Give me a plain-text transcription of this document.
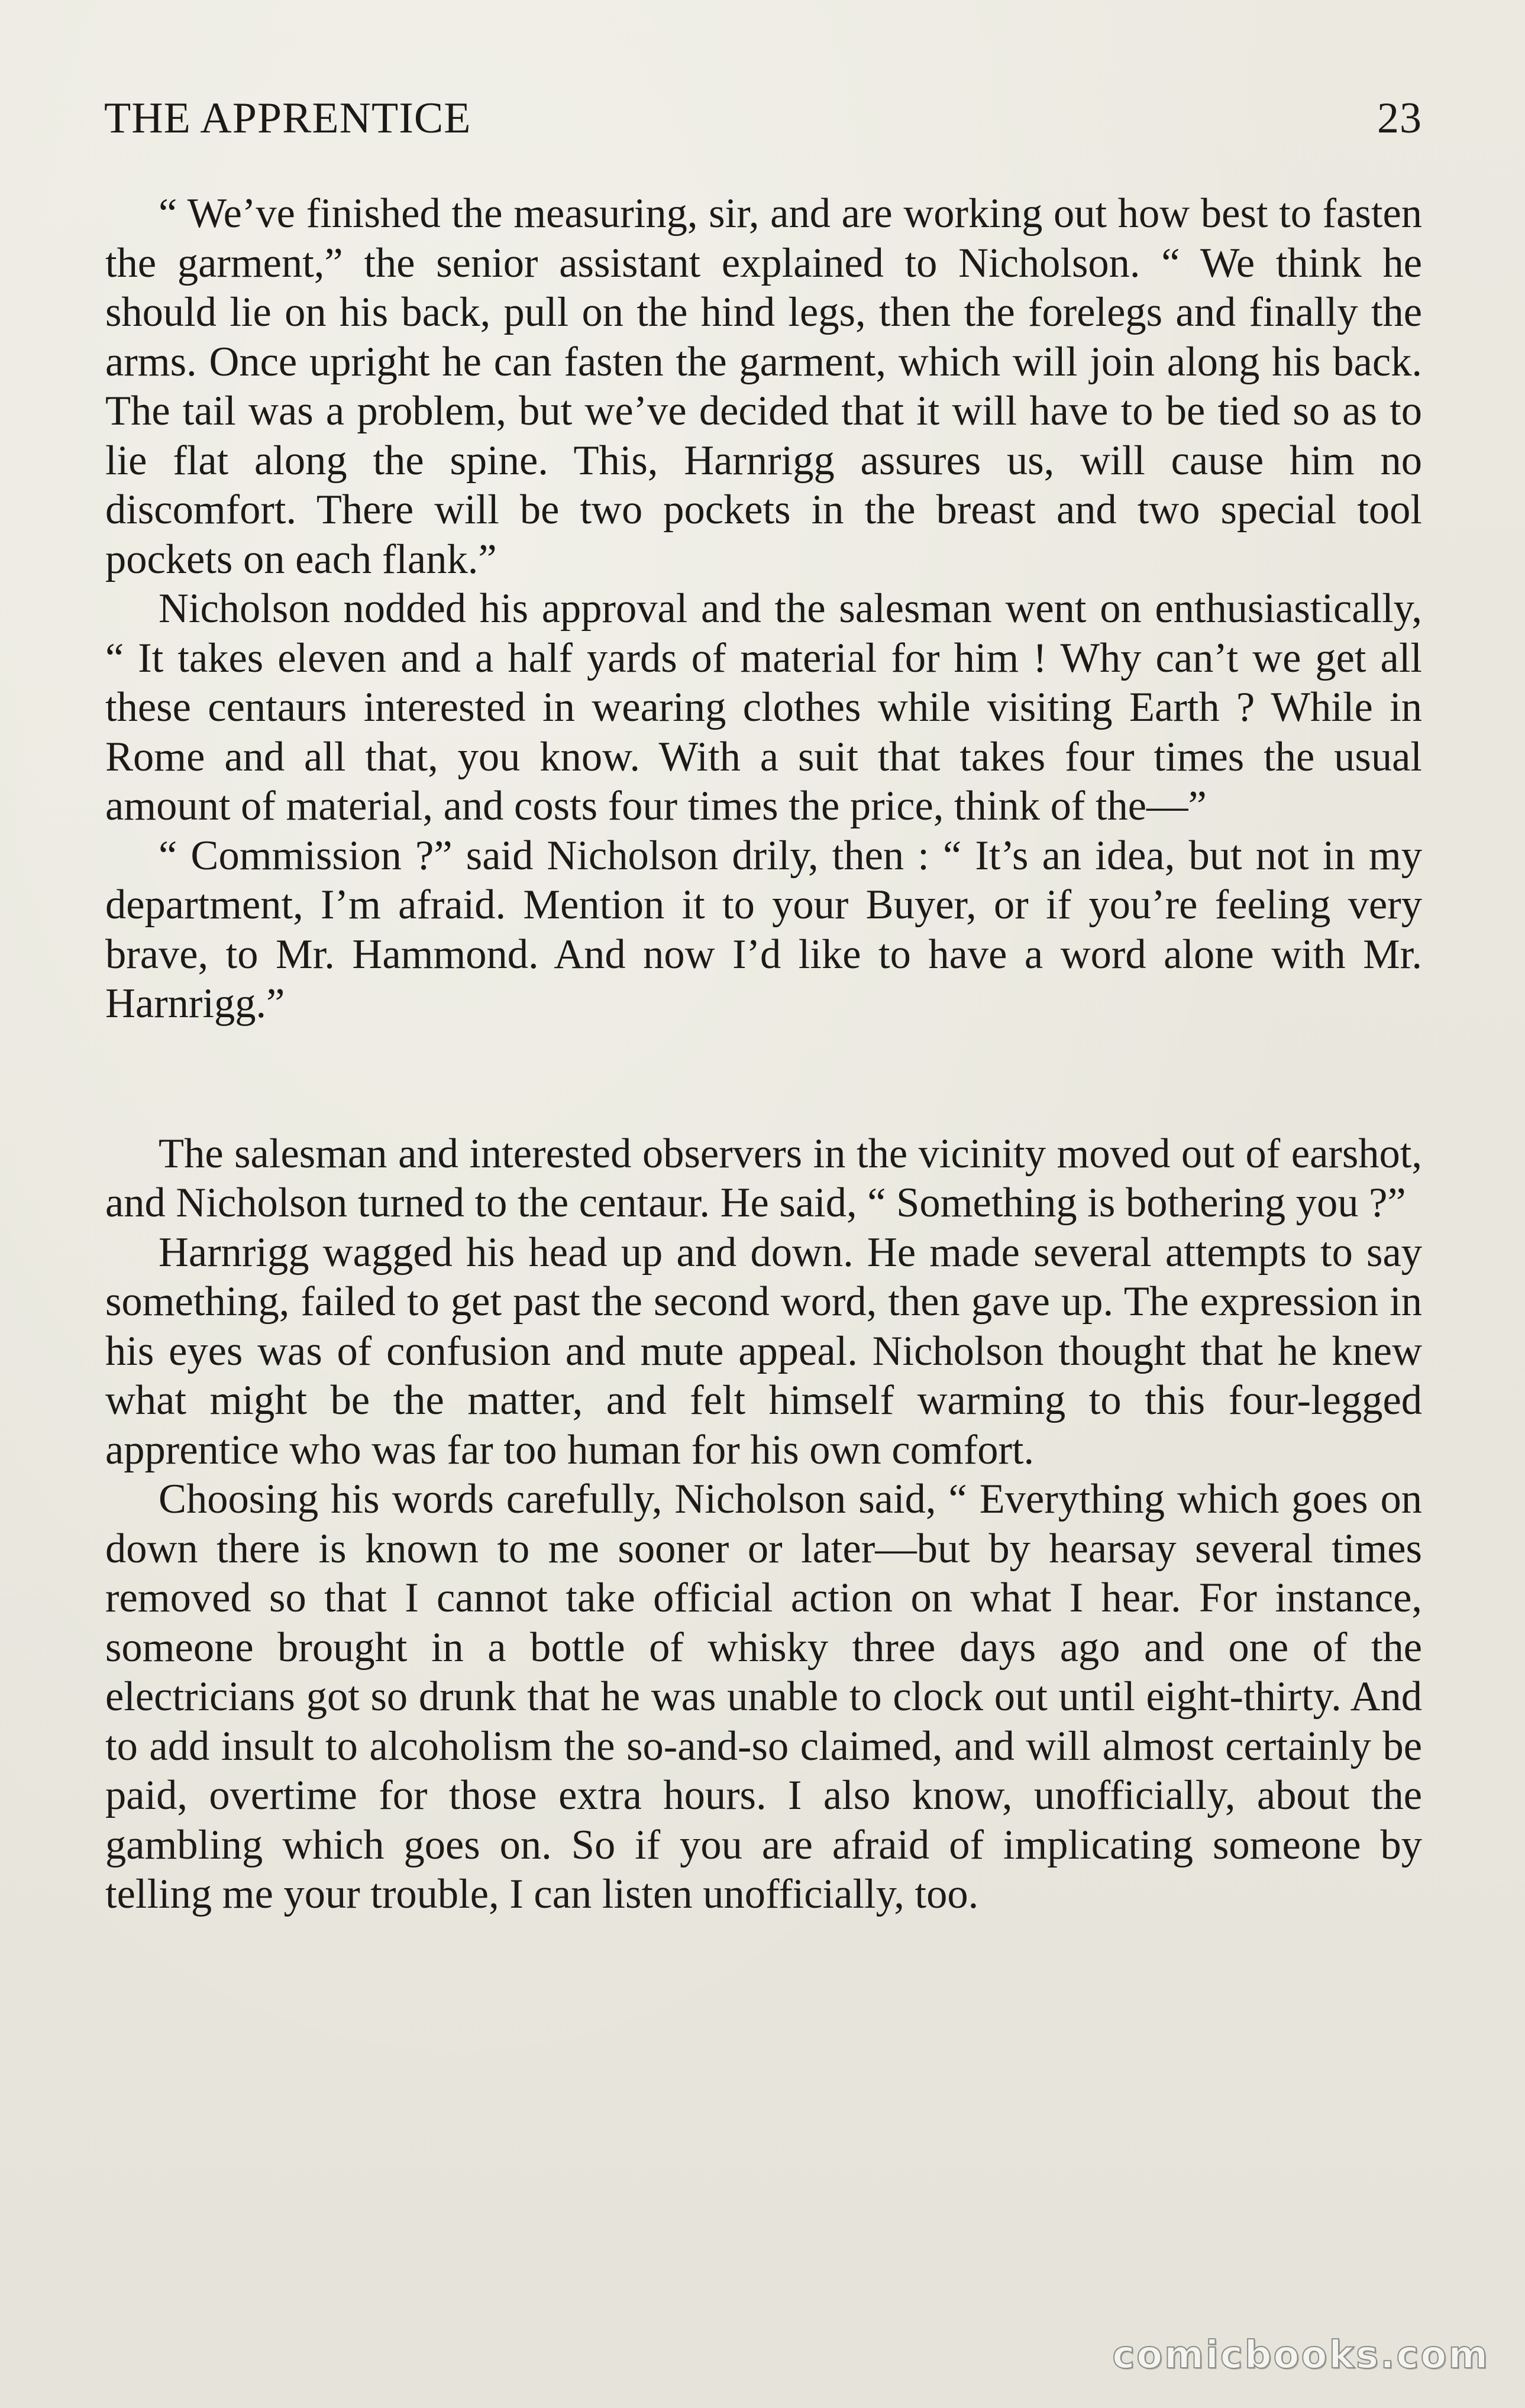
THE APPRENTICE	23

“ We’ve finished the measuring, sir, and are working out how best to fasten the garment,” the senior assistant explained to Nicholson. “ We think he should lie on his back, pull on the hind legs, then the forelegs and finally the arms. Once upright he can fasten the garment, which will join along his back. The tail was a problem, but we’ve decided that it will have to be tied so as to lie flat along the spine. This, Harnrigg assures us, will cause him no discomfort. There will be two pockets in the breast and two special tool pockets on each flank.”

Nicholson nodded his approval and the salesman went on enthusiastically, “ It takes eleven and a half yards of material for him ! Why can’t we get all these centaurs interested in wearing clothes while visiting Earth ? While in Rome and all that, you know. With a suit that takes four times the usual amount of material, and costs four times the price, think of the—”

“ Commission ?” said Nicholson drily, then : “ It’s an idea, but not in my department, I’m afraid. Mention it to your Buyer, or if you’re feeling very brave, to Mr. Hammond. And now I’d like to have a word alone with Mr. Harnrigg.”

The salesman and interested observers in the vicinity moved out of earshot, and Nicholson turned to the centaur. He said, “ Something is bothering you ?”

Harnrigg wagged his head up and down. He made several attempts to say something, failed to get past the second word, then gave up. The expression in his eyes was of confusion and mute appeal. Nicholson thought that he knew what might be the matter, and felt himself warming to this four-legged apprentice who was far too human for his own comfort.

Choosing his words carefully, Nicholson said, “ Everything which goes on down there is known to me sooner or later—but by hearsay several times removed so that I cannot take official action on what I hear. For instance, someone brought in a bottle of whisky three days ago and one of the electricians got so drunk that he was unable to clock out until eight-thirty. And to add insult to alcoholism the so-and-so claimed, and will almost certainly be paid, overtime for those extra hours. I also know, unofficially, about the gambling which goes on. So if you are afraid of implicating someone by telling me your trouble, I can listen unofficially, too.

comicbooks.com
